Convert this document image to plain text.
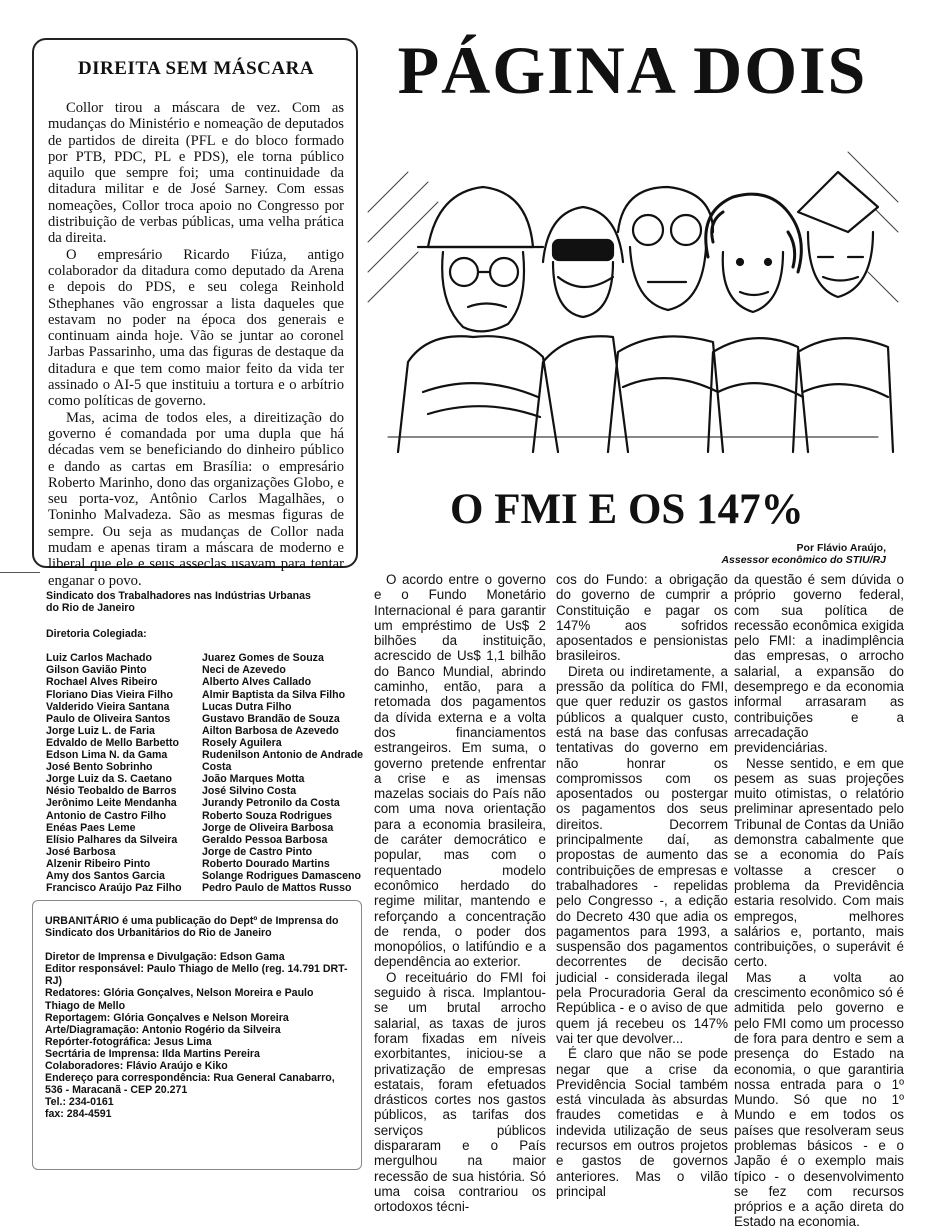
DIREITA SEM MÁSCARA

Collor tirou a máscara de vez. Com as mudanças do Ministério e nomeação de deputados de partidos de direita (PFL e do bloco formado por PTB, PDC, PL e PDS), ele torna público aquilo que sempre foi; uma continuidade da ditadura militar e de José Sarney. Com essas nomeações, Collor troca apoio no Congresso por distribuição de verbas públicas, uma velha prática da direita.

O empresário Ricardo Fiúza, antigo colaborador da ditadura como deputado da Arena e depois do PDS, e seu colega Reinhold Sthephanes vão engrossar a lista daqueles que estavam no poder na época dos generais e continuam ainda hoje. Vão se juntar ao coronel Jarbas Passarinho, uma das figuras de destaque da ditadura e que tem como maior feito da vida ter assinado o AI-5 que instituiu a tortura e o arbítrio como políticas de governo.

Mas, acima de todos eles, a direitização do governo é comandada por uma dupla que há décadas vem se beneficiando do dinheiro público e dando as cartas em Brasília: o empresário Roberto Marinho, dono das organizações Globo, e seu porta-voz, Antônio Carlos Magalhães, o Toninho Malvadeza. São as mesmas figuras de sempre. Ou seja as mudanças de Collor nada mudam e apenas tiram a máscara de moderno e liberal que ele e seus asseclas usavam para tentar enganar o povo.

PÁGINA DOIS
O FMI E OS 147%
Por Flávio Araújo,
Assessor econômico do STIU/RJ

O acordo entre o governo e o Fundo Monetário Internacional é para garantir um empréstimo de Us$ 2 bilhões da instituição, acrescido de Us$ 1,1 bilhão do Banco Mundial, abrindo caminho, então, para a retomada dos pagamentos da dívida externa e a volta dos financiamentos estrangeiros. Em suma, o governo pretende enfrentar a crise e as imensas mazelas sociais do País não com uma nova orientação para a economia brasileira, de caráter democrático e popular, mas com o requentado modelo econômico herdado do regime militar, mantendo e reforçando a concentração de renda, o poder dos monopólios, o latifúndio e a dependência ao exterior.

O receituário do FMI foi seguido à risca. Implantou-se um brutal arrocho salarial, as taxas de juros foram fixadas em níveis exorbitantes, iniciou-se a privatização de empresas estatais, foram efetuados drásticos cortes nos gastos públicos, as tarifas dos serviços públicos dispararam e o País mergulhou na maior recessão de sua história. Só uma coisa contrariou os ortodoxos técni-

cos do Fundo: a obrigação do governo de cumprir a Constituição e pagar os 147% aos sofridos aposentados e pensionistas brasileiros.

Direta ou indiretamente, a pressão da política do FMI, que quer reduzir os gastos públicos a qualquer custo, está na base das confusas tentativas do governo em não honrar os compromissos com os aposentados ou postergar os pagamentos dos seus direitos. Decorrem principalmente daí, as propostas de aumento das contribuições de empresas e trabalhadores - repelidas pelo Congresso -, a edição do Decreto 430 que adia os pagamentos para 1993, a suspensão dos pagamentos decorrentes de decisão judicial - considerada ilegal pela Procuradoria Geral da República - e o aviso de que quem já recebeu os 147% vai ter que devolver...

É claro que não se pode negar que a crise da Previdência Social também está vinculada às absurdas fraudes cometidas e à indevida utilização de seus recursos em outros projetos e gastos de governos anteriores. Mas o vilão principal

da questão é sem dúvida o próprio governo federal, com sua política de recessão econômica exigida pelo FMI: a inadimplência das empresas, o arrocho salarial, a expansão do desemprego e da economia informal arrasaram as contribuições e a arrecadação previdenciárias.

Nesse sentido, e em que pesem as suas projeções muito otimistas, o relatório preliminar apresentado pelo Tribunal de Contas da União demonstra cabalmente que se a economia do País voltasse a crescer o problema da Previdência estaria resolvido. Com mais empregos, melhores salários e, portanto, mais contribuições, o superávit é certo.

Mas a volta ao crescimento econômico só é admitida pelo governo e pelo FMI como um processo de fora para dentro e sem a presença do Estado na economia, o que garantiria nossa entrada para o 1º Mundo. Só que no 1º Mundo e em todos os países que resolveram seus problemas básicos - e o Japão é o exemplo mais típico - o desenvolvimento se fez com recursos próprios e a ação direta do Estado na economia.

Sindicato dos Trabalhadores nas Indústrias Urbanas
do Rio de Janeiro
Diretoria Colegiada:
Luiz Carlos Machado
Gilson Gavião Pinto
Rochael Alves Ribeiro
Floriano Dias Vieira Filho
Valderido Vieira Santana
Paulo de Oliveira Santos
Jorge Luiz L. de Faria
Edvaldo de Mello Barbetto
Edson Lima N. da Gama
José Bento Sobrinho
Jorge Luiz da S. Caetano
Nésio Teobaldo de Barros
Jerônimo Leite Mendanha
Antonio de Castro Filho
Enéas Paes Leme
Elísio Palhares da Silveira
José Barbosa
Alzenir Ribeiro Pinto
Amy dos Santos Garcia
Francisco Araújo Paz Filho
Juarez Gomes de Souza
Neci de Azevedo
Alberto Alves Callado
Almir Baptista da Silva Filho
Lucas Dutra Filho
Gustavo Brandão de Souza
Ailton Barbosa de Azevedo
Rosely Aguilera
Rudenilson Antonio de Andrade
Costa
João Marques Motta
José Silvino Costa
Jurandy Petronilo da Costa
Roberto Souza Rodrigues
Jorge de Oliveira Barbosa
Geraldo Pessoa Barbosa
Jorge de Castro Pinto
Roberto Dourado Martins
Solange Rodrigues Damasceno
Pedro Paulo de Mattos Russo
URBANITÁRIO é uma publicação do Deptº de Imprensa do Sindicato dos Urbanitários do Rio de Janeiro
Diretor de Imprensa e Divulgação: Edson Gama
Editor responsável: Paulo Thiago de Mello (reg. 14.791 DRT-RJ)
Redatores: Glória Gonçalves, Nelson Moreira e Paulo Thiago de Mello
Reportagem: Glória Gonçalves e Nelson Moreira
Arte/Diagramação: Antonio Rogério da Silveira
Repórter-fotográfica: Jesus Lima
Secrtária de Imprensa: Ilda Martins Pereira
Colaboradores: Flávio Araújo e Kiko
Endereço para correspondência: Rua General Canabarro, 536 - Maracanã - CEP 20.271
Tel.: 234-0161
fax: 284-4591
